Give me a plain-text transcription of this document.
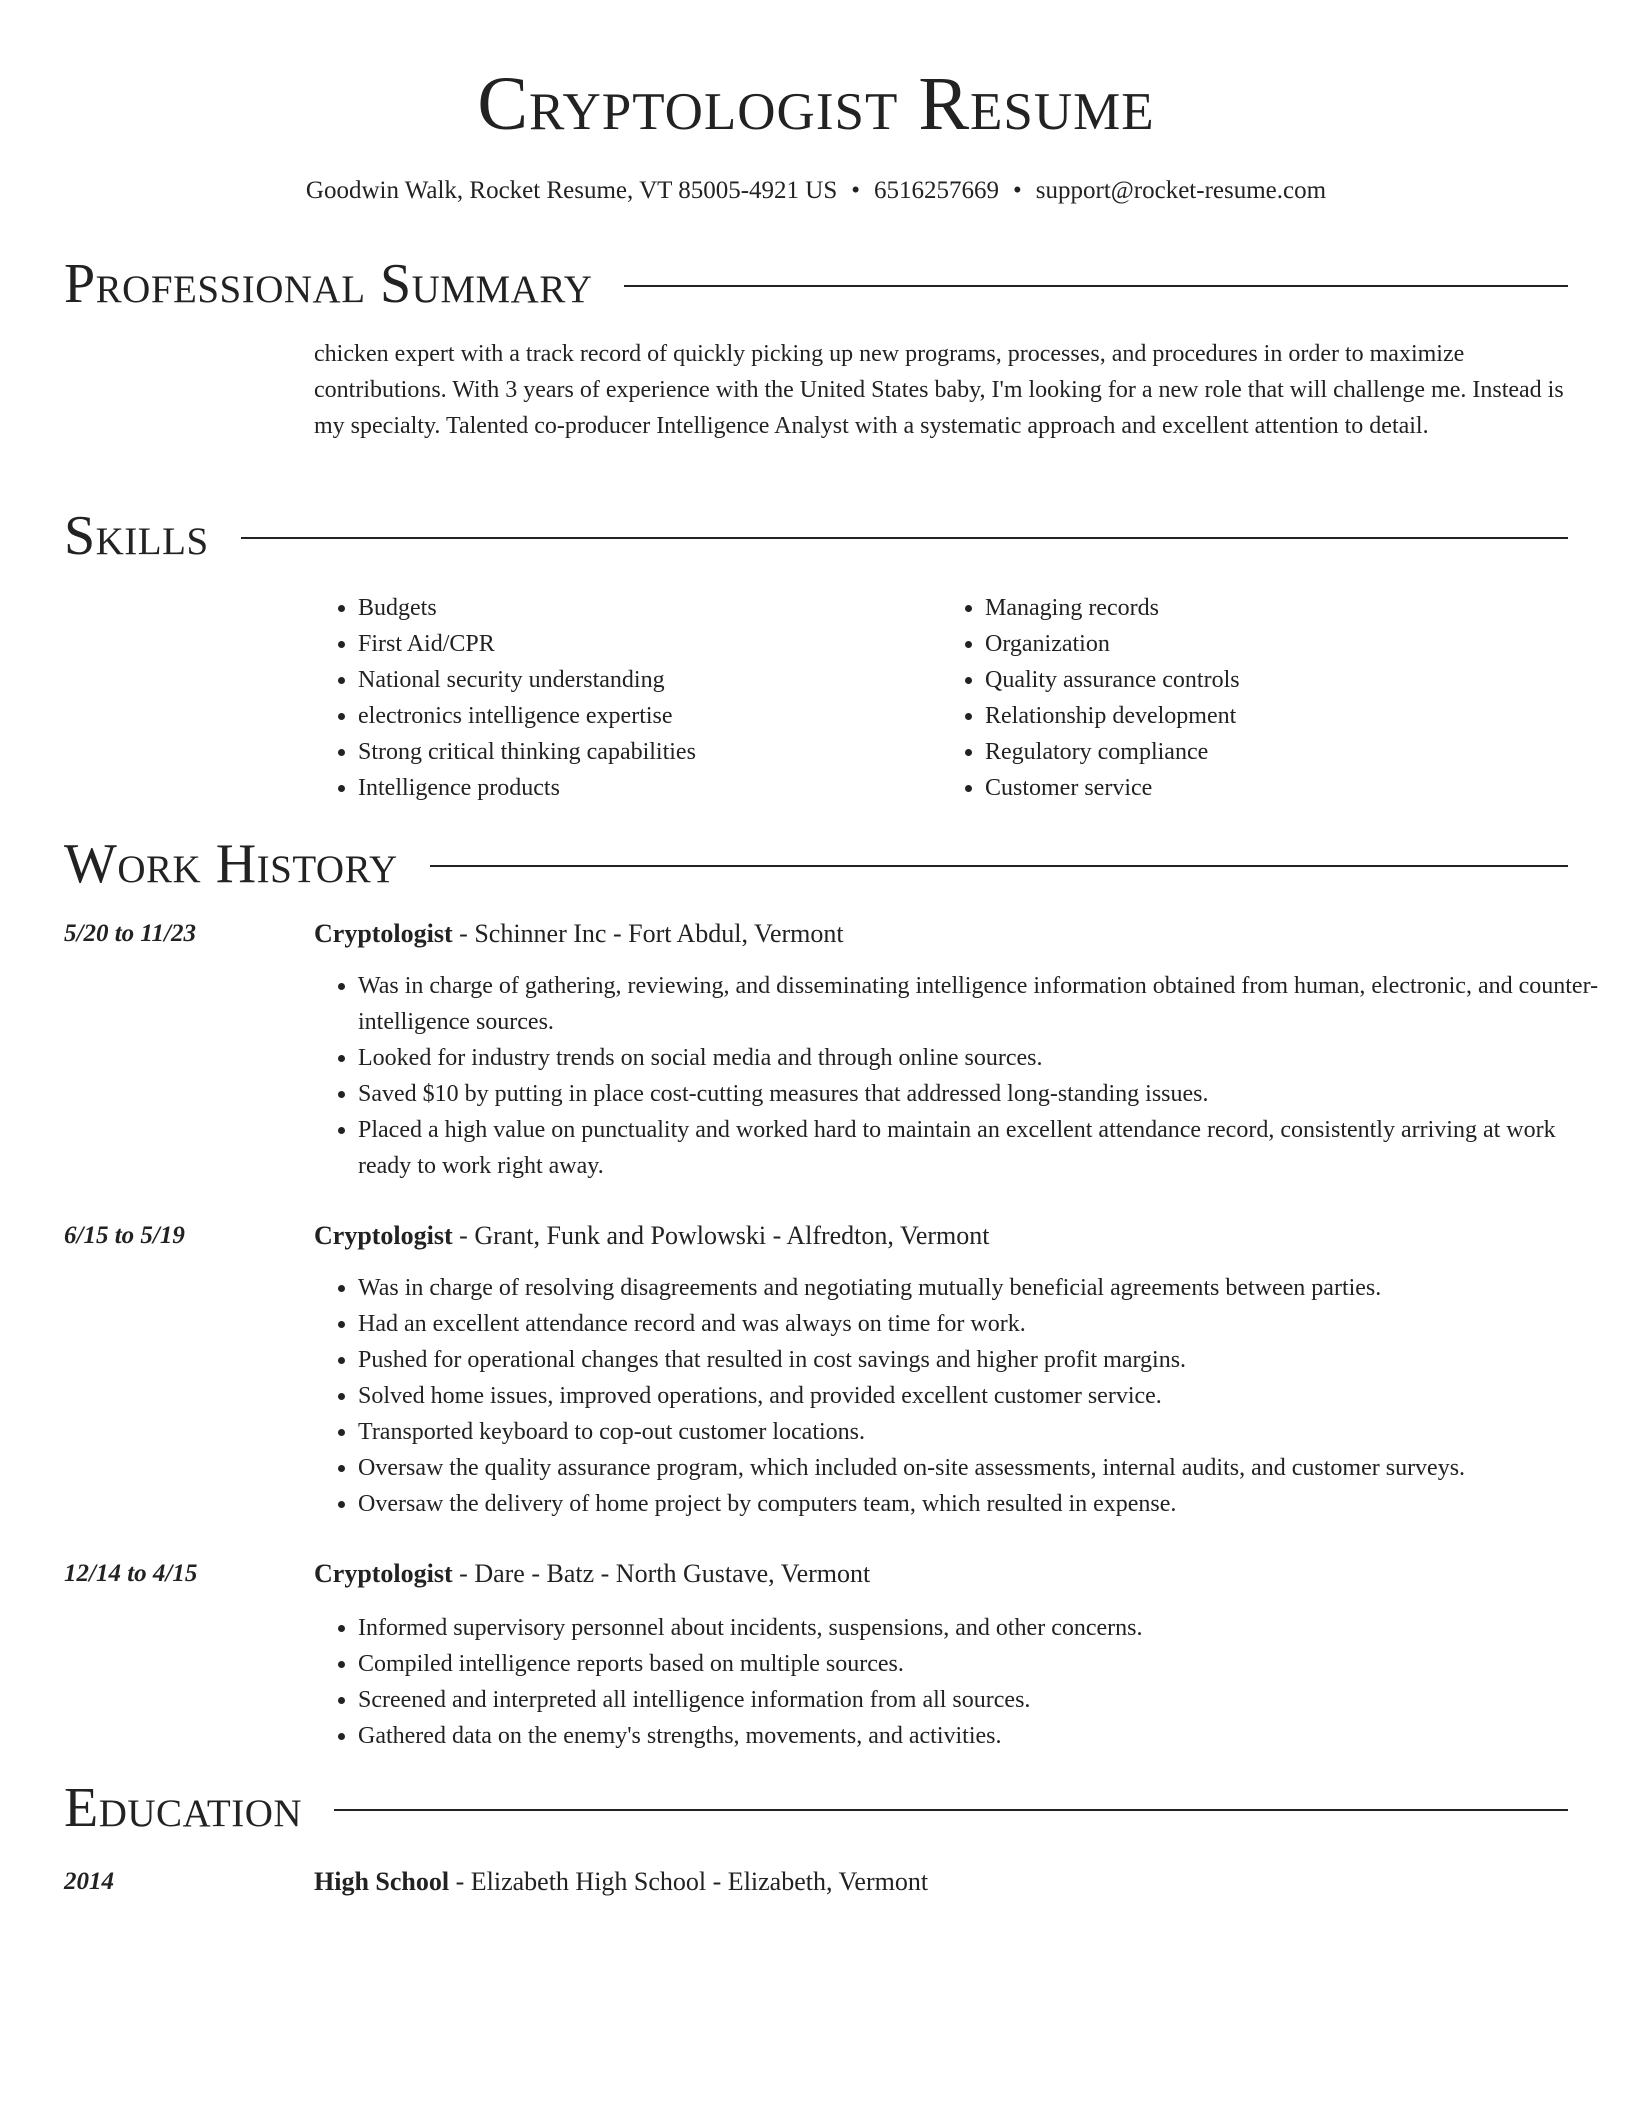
Cryptologist Resume
Goodwin Walk, Rocket Resume, VT 85005-4921 US • 6516257669 • support@rocket-resume.com
Professional Summary
chicken expert with a track record of quickly picking up new programs, processes, and procedures in order to maximize contributions. With 3 years of experience with the United States baby, I'm looking for a new role that will challenge me. Instead is my specialty. Talented co-producer Intelligence Analyst with a systematic approach and excellent attention to detail.
Skills
• Budgets
• First Aid/CPR
• National security understanding
• electronics intelligence expertise
• Strong critical thinking capabilities
• Intelligence products
• Managing records
• Organization
• Quality assurance controls
• Relationship development
• Regulatory compliance
• Customer service
Work History
5/20 to 11/23	Cryptologist - Schinner Inc - Fort Abdul, Vermont
• Was in charge of gathering, reviewing, and disseminating intelligence information obtained from human, electronic, and counter-intelligence sources.
• Looked for industry trends on social media and through online sources.
• Saved $10 by putting in place cost-cutting measures that addressed long-standing issues.
• Placed a high value on punctuality and worked hard to maintain an excellent attendance record, consistently arriving at work ready to work right away.
6/15 to 5/19	Cryptologist - Grant, Funk and Powlowski - Alfredton, Vermont
• Was in charge of resolving disagreements and negotiating mutually beneficial agreements between parties.
• Had an excellent attendance record and was always on time for work.
• Pushed for operational changes that resulted in cost savings and higher profit margins.
• Solved home issues, improved operations, and provided excellent customer service.
• Transported keyboard to cop-out customer locations.
• Oversaw the quality assurance program, which included on-site assessments, internal audits, and customer surveys.
• Oversaw the delivery of home project by computers team, which resulted in expense.
12/14 to 4/15	Cryptologist - Dare - Batz - North Gustave, Vermont
• Informed supervisory personnel about incidents, suspensions, and other concerns.
• Compiled intelligence reports based on multiple sources.
• Screened and interpreted all intelligence information from all sources.
• Gathered data on the enemy's strengths, movements, and activities.
Education
2014	High School - Elizabeth High School - Elizabeth, Vermont
